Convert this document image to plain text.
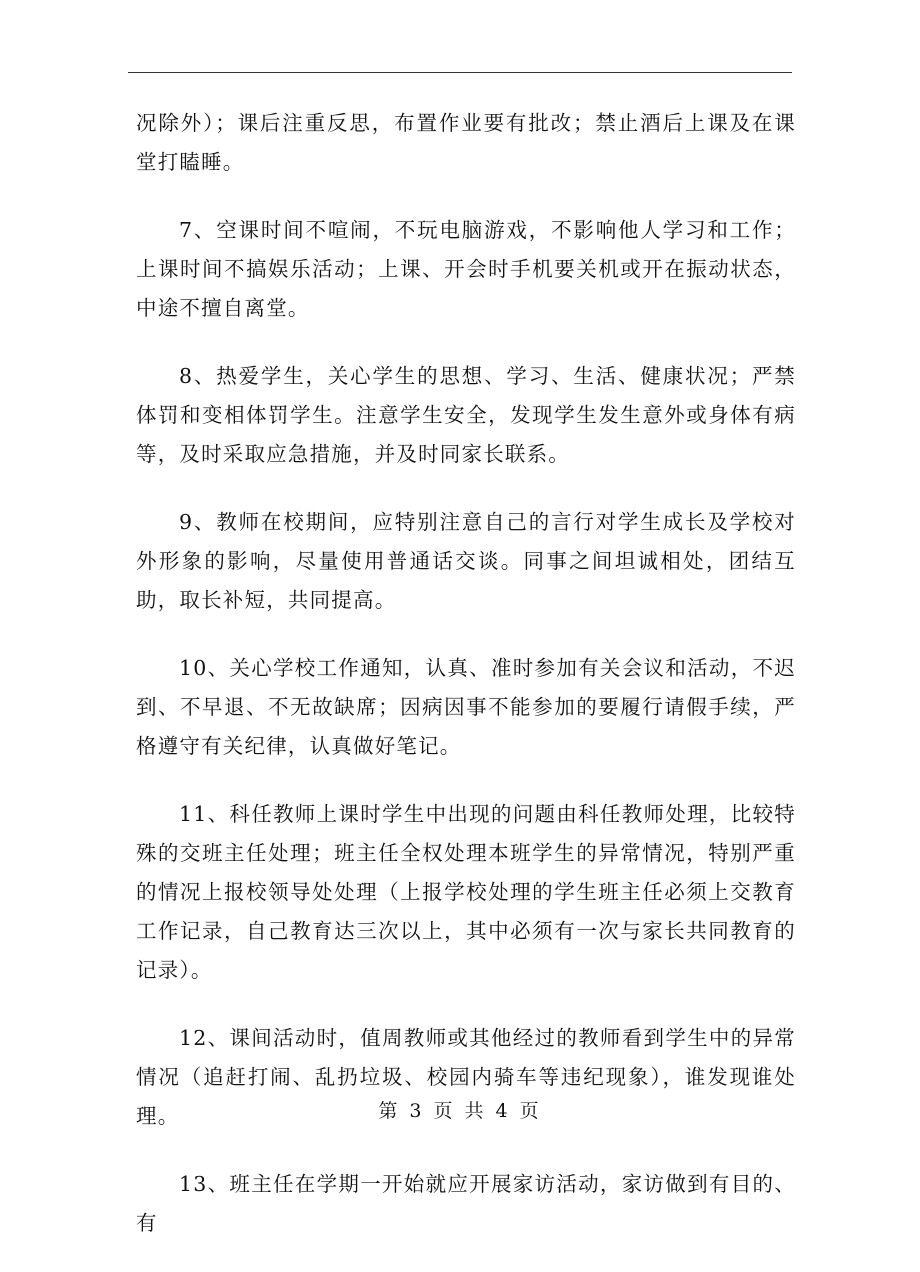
况除外）；课后注重反思，布置作业要有批改；禁止酒后上课及在课堂打瞌睡。

7、空课时间不喧闹，不玩电脑游戏，不影响他人学习和工作；上课时间不搞娱乐活动；上课、开会时手机要关机或开在振动状态，中途不擅自离堂。

8、热爱学生，关心学生的思想、学习、生活、健康状况；严禁体罚和变相体罚学生。注意学生安全，发现学生发生意外或身体有病等，及时采取应急措施，并及时同家长联系。

9、教师在校期间，应特别注意自己的言行对学生成长及学校对外形象的影响，尽量使用普通话交谈。同事之间坦诚相处，团结互助，取长补短，共同提高。

10、关心学校工作通知，认真、准时参加有关会议和活动，不迟到、不早退、不无故缺席；因病因事不能参加的要履行请假手续，严格遵守有关纪律，认真做好笔记。

11、科任教师上课时学生中出现的问题由科任教师处理，比较特殊的交班主任处理；班主任全权处理本班学生的异常情况，特别严重的情况上报校领导处处理（上报学校处理的学生班主任必须上交教育工作记录，自己教育达三次以上，其中必须有一次与家长共同教育的记录）。

12、课间活动时，值周教师或其他经过的教师看到学生中的异常情况（追赶打闹、乱扔垃圾、校园内骑车等违纪现象），谁发现谁处理。

13、班主任在学期一开始就应开展家访活动，家访做到有目的、有

第 3 页 共 4 页
